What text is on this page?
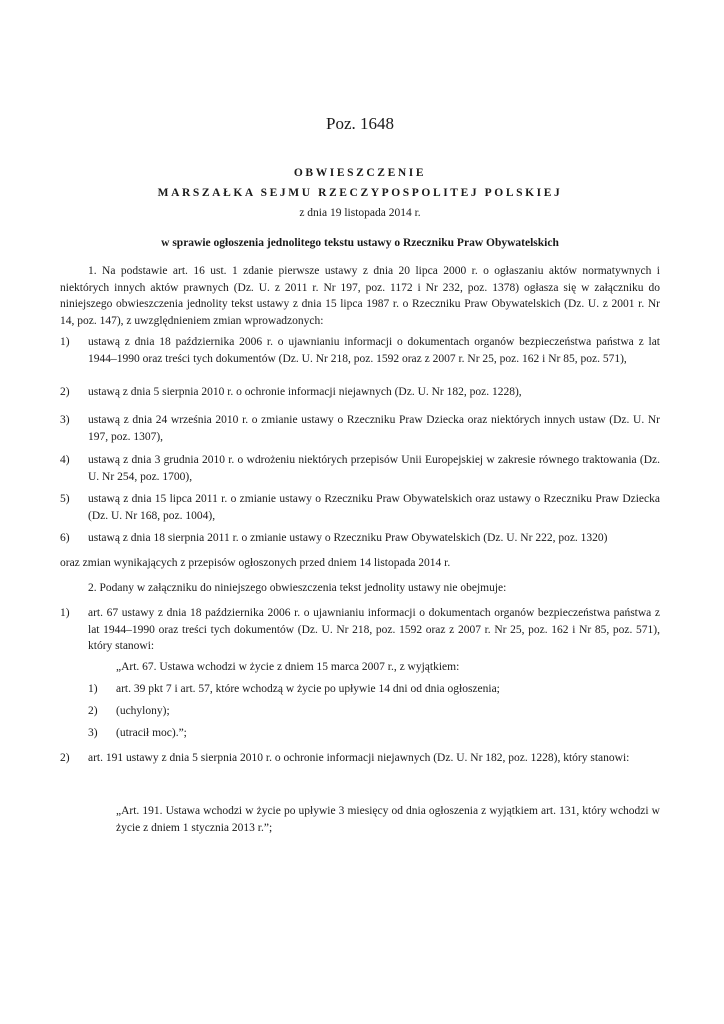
Poz. 1648
OBWIESZCZENIE
MARSZAŁKA SEJMU RZECZYPOSPOLITEJ POLSKIEJ
z dnia 19 listopada 2014 r.
w sprawie ogłoszenia jednolitego tekstu ustawy o Rzeczniku Praw Obywatelskich
1. Na podstawie art. 16 ust. 1 zdanie pierwsze ustawy z dnia 20 lipca 2000 r. o ogłaszaniu aktów normatywnych i niektórych innych aktów prawnych (Dz. U. z 2011 r. Nr 197, poz. 1172 i Nr 232, poz. 1378) ogłasza się w załączniku do niniejszego obwieszczenia jednolity tekst ustawy z dnia 15 lipca 1987 r. o Rzeczniku Praw Obywatelskich (Dz. U. z 2001 r. Nr 14, poz. 147), z uwzględnieniem zmian wprowadzonych:
1)	ustawą z dnia 18 października 2006 r. o ujawnianiu informacji o dokumentach organów bezpieczeństwa państwa z lat 1944–1990 oraz treści tych dokumentów (Dz. U. Nr 218, poz. 1592 oraz z 2007 r. Nr 25, poz. 162 i Nr 85, poz. 571),
2)	ustawą z dnia 5 sierpnia 2010 r. o ochronie informacji niejawnych (Dz. U. Nr 182, poz. 1228),
3)	ustawą z dnia 24 września 2010 r. o zmianie ustawy o Rzeczniku Praw Dziecka oraz niektórych innych ustaw (Dz. U. Nr 197, poz. 1307),
4)	ustawą z dnia 3 grudnia 2010 r. o wdrożeniu niektórych przepisów Unii Europejskiej w zakresie równego traktowania (Dz. U. Nr 254, poz. 1700),
5)	ustawą z dnia 15 lipca 2011 r. o zmianie ustawy o Rzeczniku Praw Obywatelskich oraz ustawy o Rzeczniku Praw Dziecka (Dz. U. Nr 168, poz. 1004),
6)	ustawą z dnia 18 sierpnia 2011 r. o zmianie ustawy o Rzeczniku Praw Obywatelskich (Dz. U. Nr 222, poz. 1320)
oraz zmian wynikających z przepisów ogłoszonych przed dniem 14 listopada 2014 r.
2. Podany w załączniku do niniejszego obwieszczenia tekst jednolity ustawy nie obejmuje:
1)	art. 67 ustawy z dnia 18 października 2006 r. o ujawnianiu informacji o dokumentach organów bezpieczeństwa państwa z lat 1944–1990 oraz treści tych dokumentów (Dz. U. Nr 218, poz. 1592 oraz z 2007 r. Nr 25, poz. 162 i Nr 85, poz. 571), który stanowi:
„Art. 67. Ustawa wchodzi w życie z dniem 15 marca 2007 r., z wyjątkiem:
1)	art. 39 pkt 7 i art. 57, które wchodzą w życie po upływie 14 dni od dnia ogłoszenia;
2)	(uchylony);
3)	(utracił moc).”;
2)	art. 191 ustawy z dnia 5 sierpnia 2010 r. o ochronie informacji niejawnych (Dz. U. Nr 182, poz. 1228), który stanowi:
„Art. 191. Ustawa wchodzi w życie po upływie 3 miesięcy od dnia ogłoszenia z wyjątkiem art. 131, który wchodzi w życie z dniem 1 stycznia 2013 r.”;
